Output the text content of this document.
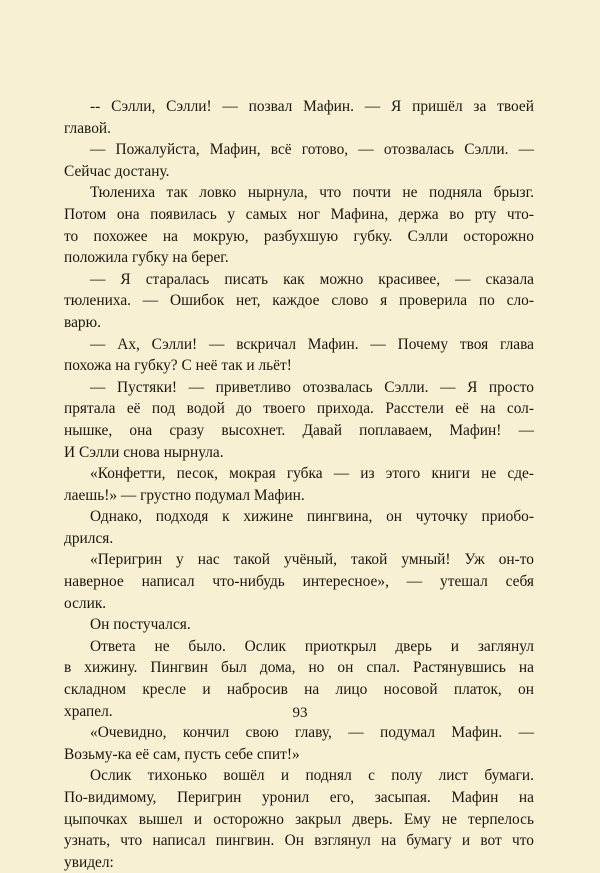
-- Сэлли, Сэлли! — позвал Мафин. — Я пришёл за твоей

главой.

— Пожалуйста, Мафин, всё готово, — отозвалась Сэлли. —

Сейчас достану.

Тюлениха так ловко нырнула, что почти не подняла брызг.

Потом она появилась у самых ног Мафина, держа во рту что-

то похожее на мокрую, разбухшую губку. Сэлли осторожно

положила губку на берег.

— Я старалась писать как можно красивее, — сказала

тюлениха. — Ошибок нет, каждое слово я проверила по сло-

варю.

— Ах, Сэлли! — вскричал Мафин. — Почему твоя глава

похожа на губку? С неё так и льёт!

— Пустяки! — приветливо отозвалась Сэлли. — Я просто

прятала её под водой до твоего прихода. Расстели её на сол-

нышке, она сразу высохнет. Давай поплаваем, Мафин! —

И Сэлли снова нырнула.

«Конфетти, песок, мокрая губка — из этого книги не сде-

лаешь!» — грустно подумал Мафин.

Однако, подходя к хижине пингвина, он чуточку приобо-

дрился.

«Перигрин у нас такой учёный, такой умный! Уж он-то

наверное написал что-нибудь интересное», — утешал себя

ослик.

Он постучался.

Ответа не было. Ослик приоткрыл дверь и заглянул

в хижину. Пингвин был дома, но он спал. Растянувшись на

складном кресле и набросив на лицо носовой платок, он

храпел.

«Очевидно, кончил свою главу, — подумал Мафин. —

Возьму-ка её сам, пусть себе спит!»

Ослик тихонько вошёл и поднял с полу лист бумаги.

По-видимому, Перигрин уронил его, засыпая. Мафин на

цыпочках вышел и осторожно закрыл дверь. Ему не терпелось

узнать, что написал пингвин. Он взглянул на бумагу и вот что

увидел:

93
